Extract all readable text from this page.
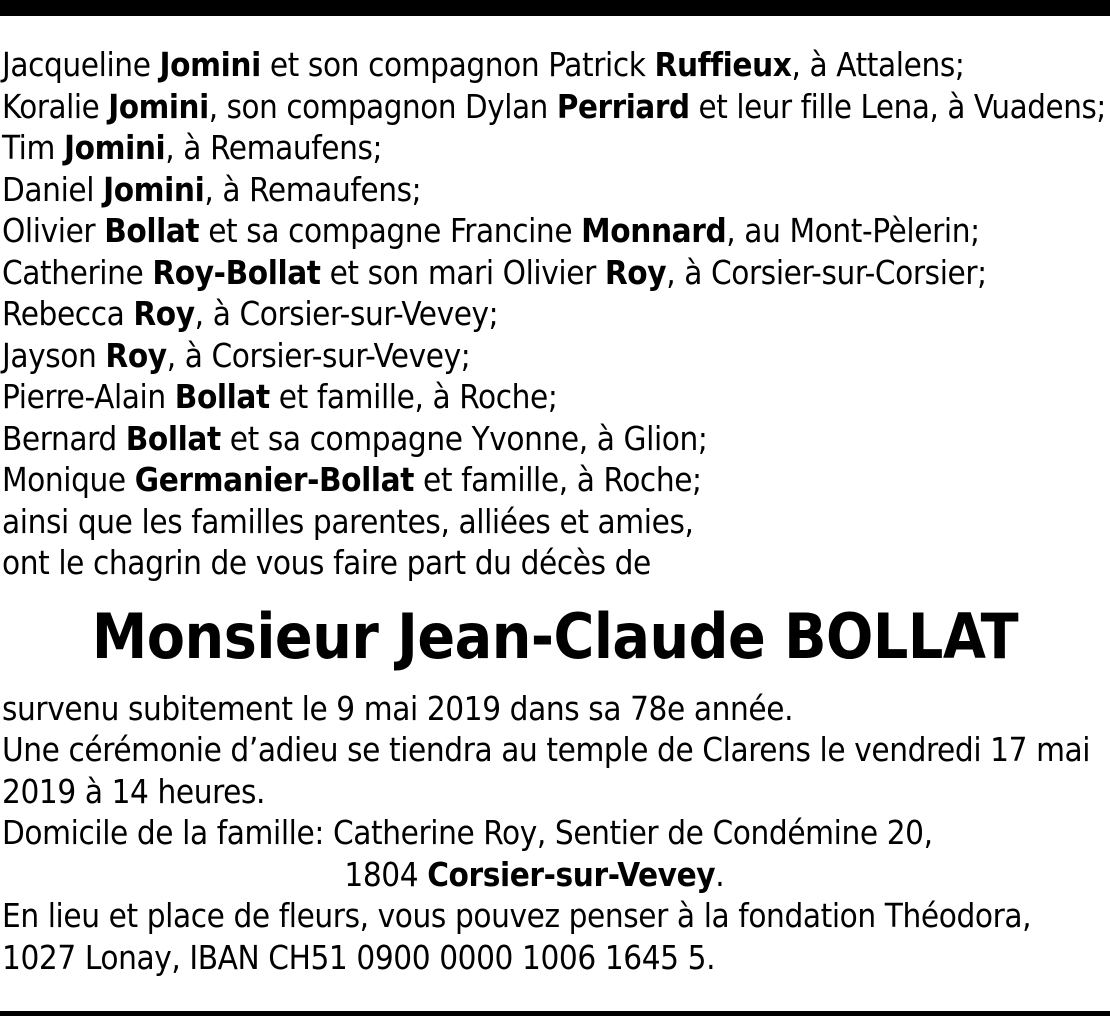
Jacqueline Jomini et son compagnon Patrick Ruffieux, à Attalens;
Koralie Jomini, son compagnon Dylan Perriard et leur fille Lena, à Vuadens;
Tim Jomini, à Remaufens;
Daniel Jomini, à Remaufens;
Olivier Bollat et sa compagne Francine Monnard, au Mont-Pèlerin;
Catherine Roy-Bollat et son mari Olivier Roy, à Corsier-sur-Corsier;
Rebecca Roy, à Corsier-sur-Vevey;
Jayson Roy, à Corsier-sur-Vevey;
Pierre-Alain Bollat et famille, à Roche;
Bernard Bollat et sa compagne Yvonne, à Glion;
Monique Germanier-Bollat et famille, à Roche;
ainsi que les familles parentes, alliées et amies,
ont le chagrin de vous faire part du décès de
Monsieur Jean-Claude BOLLAT
survenu subitement le 9 mai 2019 dans sa 78e année.
Une cérémonie d’adieu se tiendra au temple de Clarens le vendredi 17 mai
2019 à 14 heures.
Domicile de la famille: Catherine Roy, Sentier de Condémine 20,
1804 Corsier-sur-Vevey.
En lieu et place de fleurs, vous pouvez penser à la fondation Théodora,
1027 Lonay, IBAN CH51 0900 0000 1006 1645 5.
